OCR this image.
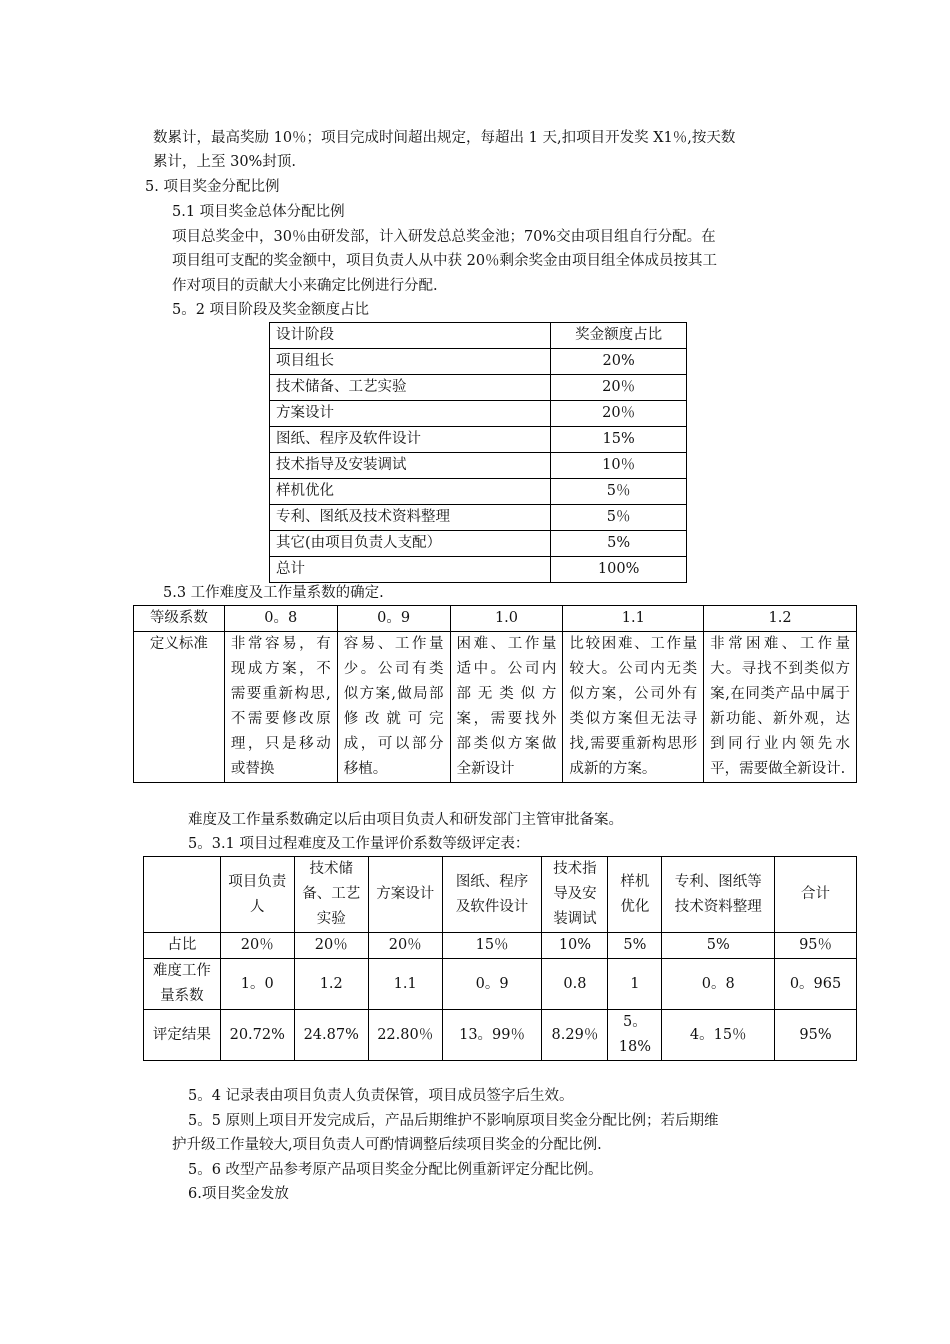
数累计，最高奖励 10％；项目完成时间超出规定，每超出 1 天,扣项目开发奖 X1％,按天数
累计，上至 30%封顶.
5. 项目奖金分配比例
5.1 项目奖金总体分配比例
项目总奖金中，30％由研发部，计入研发总总奖金池；70%交由项目组自行分配。在
项目组可支配的奖金额中，项目负责人从中获 20％剩余奖金由项目组全体成员按其工
作对项目的贡献大小来确定比例进行分配.
5。2 项目阶段及奖金额度占比
设计阶段	奖金额度占比
项目组长	20%
技术储备、工艺实验	20％
方案设计	20％
图纸、程序及软件设计	15%
技术指导及安装调试	10％
样机优化	5％
专利、图纸及技术资料整理	5％
其它(由项目负责人支配）	5%
总计	100%
5.3 工作难度及工作量系数的确定.
等级系数	0。8	0。9	1.0	1.1	1.2
定义标准	非常容易，有现成方案，不需要重新构思,不需要修改原理，只是移动或替换	容易、工作量少。公司有类似方案,做局部修改就可完成，可以部分移植。	困难、工作量适中。公司内部无类似方案，需要找外部类似方案做全新设计	比较困难、工作量较大。公司内无类似方案，公司外有类似方案但无法寻找,需要重新构思形成新的方案。	非常困难、工作量大。寻找不到类似方案,在同类产品中属于新功能、新外观，达到同行业内领先水平，需要做全新设计.
难度及工作量系数确定以后由项目负责人和研发部门主管审批备案。
5。3.1 项目过程难度及工作量评价系数等级评定表：
	项目负责人	技术储备、工艺实验	方案设计	图纸、程序及软件设计	技术指导及安装调试	样机优化	专利、图纸等技术资料整理	合计
占比	20％	20％	20％	15％	10%	5%	5%	95％
难度工作量系数	1。0	1.2	1.1	0。9	0.8	1	0。8	0。965
评定结果	20.72%	24.87%	22.80％	13。99％	8.29％	5。18%	4。15％	95%
5。4 记录表由项目负责人负责保管，项目成员签字后生效。
5。5 原则上项目开发完成后，产品后期维护不影响原项目奖金分配比例；若后期维
护升级工作量较大,项目负责人可酌情调整后续项目奖金的分配比例.
5。6 改型产品参考原产品项目奖金分配比例重新评定分配比例。
6.项目奖金发放
